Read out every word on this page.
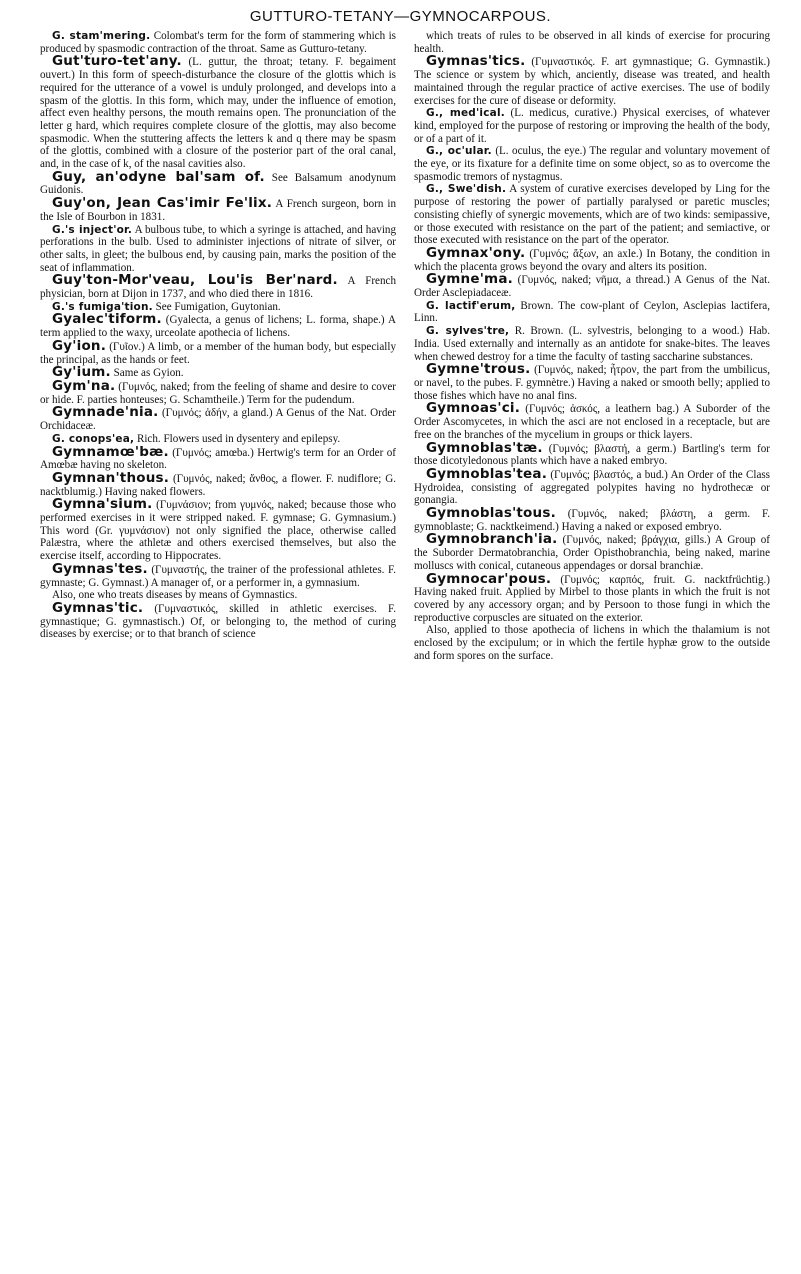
GUTTURO-TETANY—GYMNOCARPOUS.

G. stam'mering. Colombat's term for the form of stammering which is produced by spasmodic contraction of the throat. Same as Gutturo-tetany.

Gut'turo-tet'any. (L. guttur, the throat; tetany. F. begaiment ouvert.) In this form of speech-disturbance the closure of the glottis which is required for the utterance of a vowel is unduly prolonged, and develops into a spasm of the glottis. In this form, which may, under the influence of emotion, affect even healthy persons, the mouth remains open. The pronunciation of the letter g hard, which requires complete closure of the glottis, may also become spasmodic. When the stuttering affects the letters k and q there may be spasm of the glottis, combined with a closure of the posterior part of the oral canal, and, in the case of k, of the nasal cavities also.

Guy, an'odyne bal'sam of. See Balsamum anodynum Guidonis.

Guy'on, Jean Cas'imir Fe'lix. A French surgeon, born in the Isle of Bourbon in 1831.

G.'s inject'or. A bulbous tube, to which a syringe is attached, and having perforations in the bulb. Used to administer injections of nitrate of silver, or other salts, in gleet; the bulbous end, by causing pain, marks the position of the seat of inflammation.

Guy'ton-Mor'veau, Lou'is Ber'nard. A French physician, born at Dijon in 1737, and who died there in 1816.

G.'s fumiga'tion. See Fumigation, Guytonian.

Gyalec'tiform. (Gyalecta, a genus of lichens; L. forma, shape.) A term applied to the waxy, urceolate apothecia of lichens.

Gy'ion. (Γυῖον.) A limb, or a member of the human body, but especially the principal, as the hands or feet.

Gy'ium. Same as Gyion.

Gym'na. (Γυμνός, naked; from the feeling of shame and desire to cover or hide. F. parties honteuses; G. Schamtheile.) Term for the pudendum.

Gymnade'nia. (Γυμνός; ἀδήν, a gland.) A Genus of the Nat. Order Orchidaceæ.

G. conops'ea, Rich. Flowers used in dysentery and epilepsy.

Gymnamœ'bæ. (Γυμνός; amœba.) Hertwig's term for an Order of Amœbæ having no skeleton.

Gymnan'thous. (Γυμνός, naked; ἄνθος, a flower. F. nudiflore; G. nacktblumig.) Having naked flowers.

Gymna'sium. (Γυμνάσιον; from γυμνός, naked; because those who performed exercises in it were stripped naked. F. gymnase; G. Gymnasium.) This word (Gr. γυμνάσιον) not only signified the place, otherwise called Palæstra, where the athletæ and others exercised themselves, but also the exercise itself, according to Hippocrates.

Gymnas'tes. (Γυμναστής, the trainer of the professional athletes. F. gymnaste; G. Gymnast.) A manager of, or a performer in, a gymnasium.

Also, one who treats diseases by means of Gymnastics.

Gymnas'tic. (Γυμναστικός, skilled in athletic exercises. F. gymnastique; G. gymnastisch.) Of, or belonging to, the method of curing diseases by exercise; or to that branch of science

which treats of rules to be observed in all kinds of exercise for procuring health.

Gymnas'tics. (Γυμναστικός. F. art gymnastique; G. Gymnastik.) The science or system by which, anciently, disease was treated, and health maintained through the regular practice of active exercises. The use of bodily exercises for the cure of disease or deformity.

G., med'ical. (L. medicus, curative.) Physical exercises, of whatever kind, employed for the purpose of restoring or improving the health of the body, or of a part of it.

G., oc'ular. (L. oculus, the eye.) The regular and voluntary movement of the eye, or its fixature for a definite time on some object, so as to overcome the spasmodic tremors of nystagmus.

G., Swe'dish. A system of curative exercises developed by Ling for the purpose of restoring the power of partially paralysed or paretic muscles; consisting chiefly of synergic movements, which are of two kinds: semipassive, or those executed with resistance on the part of the patient; and semiactive, or those executed with resistance on the part of the operator.

Gymnax'ony. (Γυμνός; ἄξων, an axle.) In Botany, the condition in which the placenta grows beyond the ovary and alters its position.

Gymne'ma. (Γυμνός, naked; νῆμα, a thread.) A Genus of the Nat. Order Asclepiadaceæ.

G. lactif'erum, Brown. The cow-plant of Ceylon, Asclepias lactifera, Linn.

G. sylves'tre, R. Brown. (L. sylvestris, belonging to a wood.) Hab. India. Used externally and internally as an antidote for snake-bites. The leaves when chewed destroy for a time the faculty of tasting saccharine substances.

Gymne'trous. (Γυμνός, naked; ἦτρον, the part from the umbilicus, or navel, to the pubes. F. gymnètre.) Having a naked or smooth belly; applied to those fishes which have no anal fins.

Gymnoas'ci. (Γυμνός; ἀσκός, a leathern bag.) A Suborder of the Order Ascomycetes, in which the asci are not enclosed in a receptacle, but are free on the branches of the mycelium in groups or thick layers.

Gymnoblas'tæ. (Γυμνός; βλαστή, a germ.) Bartling's term for those dicotyledonous plants which have a naked embryo.

Gymnoblas'tea. (Γυμνός; βλαστός, a bud.) An Order of the Class Hydroidea, consisting of aggregated polypites having no hydrothecæ or gonangia.

Gymnoblas'tous. (Γυμνός, naked; βλάστη, a germ. F. gymnoblaste; G. nacktkeimend.) Having a naked or exposed embryo.

Gymnobranch'ia. (Γυμνός, naked; βράγχια, gills.) A Group of the Suborder Dermatobranchia, Order Opisthobranchia, being naked, marine molluscs with conical, cutaneous appendages or dorsal branchiæ.

Gymnocar'pous. (Γυμνός; καρπός, fruit. G. nacktfrüchtig.) Having naked fruit. Applied by Mirbel to those plants in which the fruit is not covered by any accessory organ; and by Persoon to those fungi in which the reproductive corpuscles are situated on the exterior.

Also, applied to those apothecia of lichens in which the thalamium is not enclosed by the excipulum; or in which the fertile hyphæ grow to the outside and form spores on the surface.
